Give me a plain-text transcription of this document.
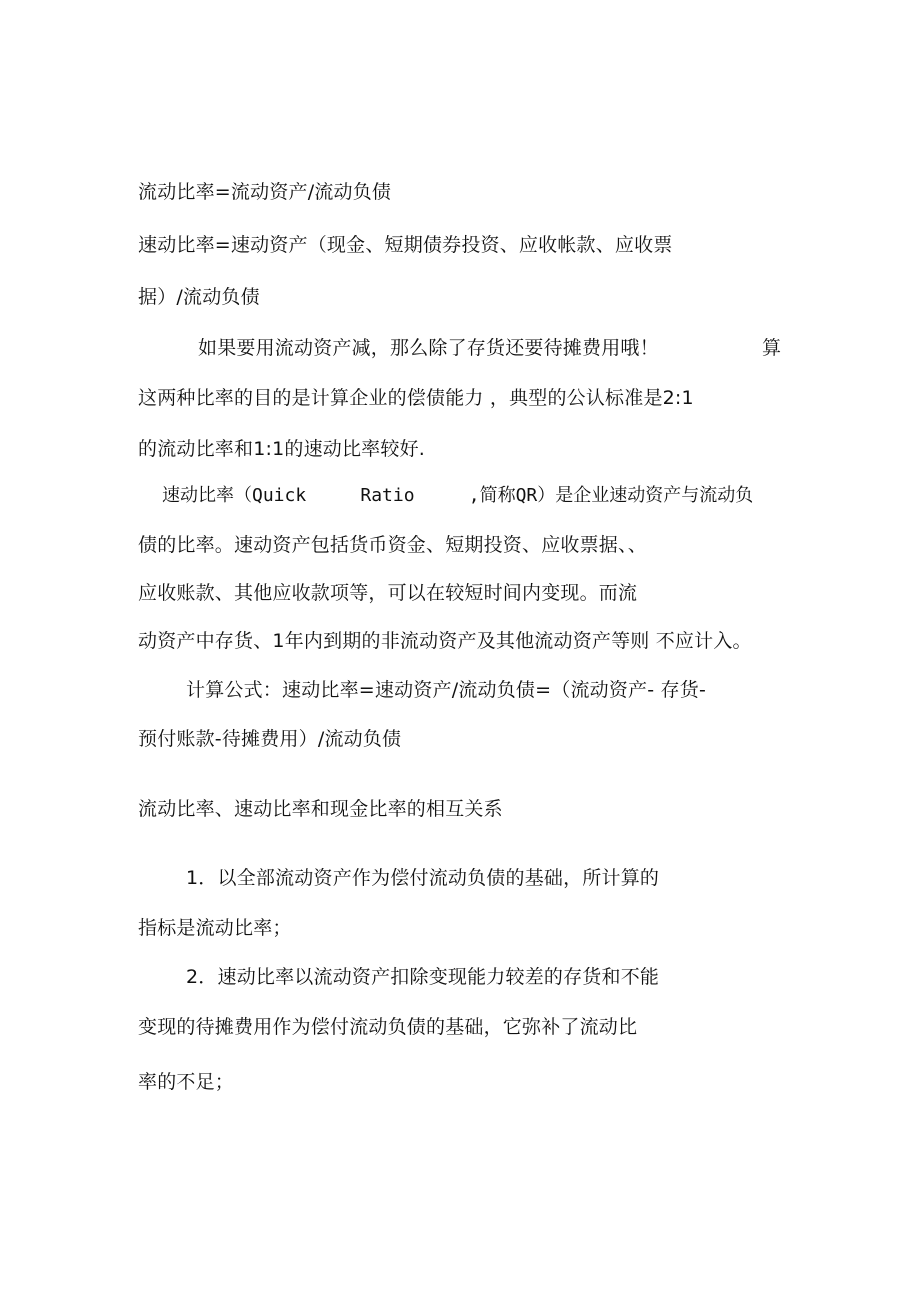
流动比率=流动资产/流动负债
速动比率=速动资产（现金、短期债券投资、应收帐款、应收票
据）/流动负债
如果要用流动资产减，那么除了存货还要待摊费用哦！	算
这两种比率的目的是计算企业的偿债能力 ，典型的公认标准是2:1
的流动比率和1:1的速动比率较好.
速动比率（Quick     Ratio     ,简称QR）是企业速动资产与流动负
债的比率。速动资产包括货币资金、短期投资、应收票据、、
应收账款、其他应收款项等，可以在较短时间内变现。而流
动资产中存货、1年内到期的非流动资产及其他流动资产等则 不应计入。
计算公式：速动比率=速动资产/流动负债=（流动资产- 存货-
预付账款-待摊费用）/流动负债
流动比率、速动比率和现金比率的相互关系
1．以全部流动资产作为偿付流动负债的基础，所计算的
指标是流动比率；
2．速动比率以流动资产扣除变现能力较差的存货和不能
变现的待摊费用作为偿付流动负债的基础，它弥补了流动比
率的不足；
